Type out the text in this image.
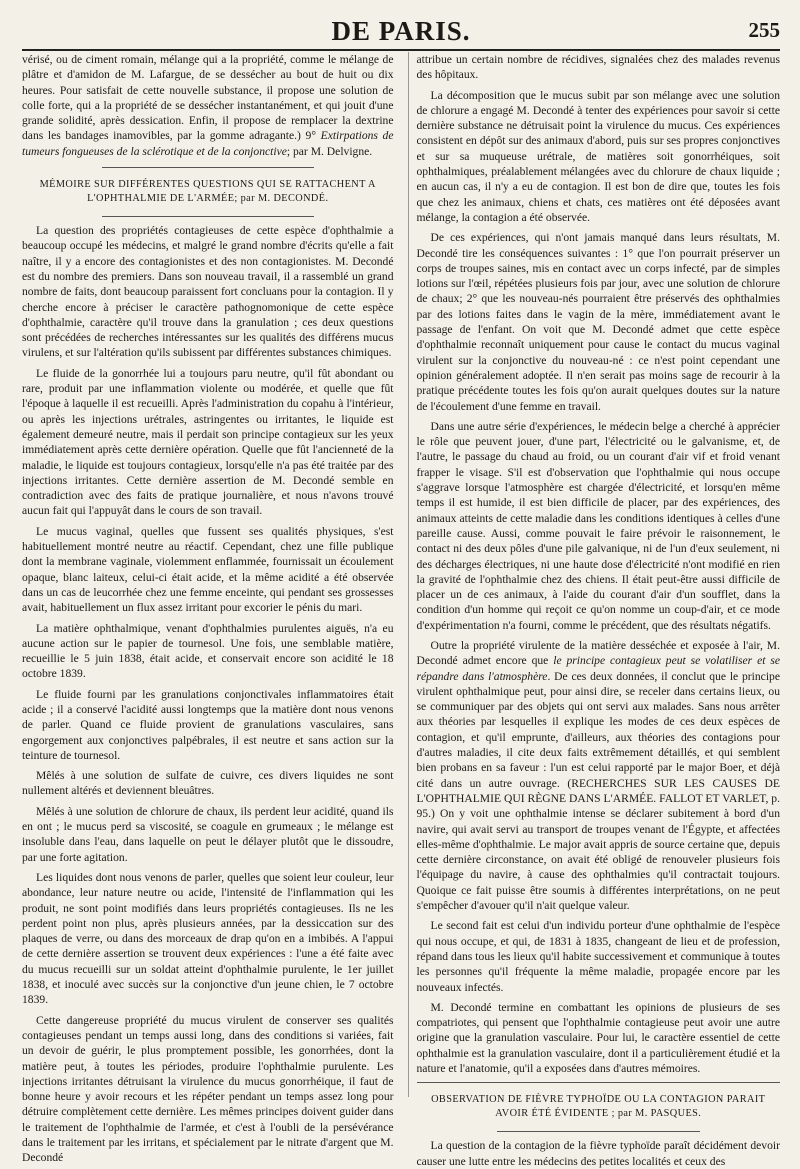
DE PARIS.	255

vérisé, ou de ciment romain, mélange qui a la propriété, comme le mélange de plâtre et d'amidon de M. Lafargue, de se dessécher au bout de huit ou dix heures. Pour satisfait de cette nouvelle substance, il propose une solution de colle forte, qui a la propriété de se dessécher instantanément, et qui jouit d'une grande solidité, après dessication. Enfin, il propose de remplacer la dextrine dans les bandages inamovibles, par la gomme adragante.) 9° Extirpations de tumeurs fongueuses de la sclérotique et de la conjonctive; par M. Delvigne.

MÉMOIRE SUR DIFFÉRENTES QUESTIONS QUI SE RATTACHENT A L'OPHTHALMIE DE L'ARMÉE; par M. DECONDÉ.

La question des propriétés contagieuses de cette espèce d'ophthalmie a beaucoup occupé les médecins, et malgré le grand nombre d'écrits qu'elle a fait naître, il y a encore des contagionistes et des non contagionistes. M. Decondé est du nombre des premiers. Dans son nouveau travail, il a rassemblé un grand nombre de faits, dont beaucoup paraissent fort concluans pour la contagion. Il y cherche encore à préciser le caractère pathognomonique de cette espèce d'ophthalmie, caractère qu'il trouve dans la granulation ; ces deux questions sont précédées de recherches intéressantes sur les qualités des différens mucus virulens, et sur l'altération qu'ils subissent par différentes substances chimiques.

Le fluide de la gonorrhée lui a toujours paru neutre, qu'il fût abondant ou rare, produit par une inflammation violente ou modérée, et quelle que fût l'époque à laquelle il est recueilli. Après l'administration du copahu à l'intérieur, ou après les injections urétrales, astringentes ou irritantes, le liquide est également demeuré neutre, mais il perdait son principe contagieux sur les yeux immédiatement après cette dernière opération. Quelle que fût l'ancienneté de la maladie, le liquide est toujours contagieux, lorsqu'elle n'a pas été traitée par des injections irritantes. Cette dernière assertion de M. Decondé semble en contradiction avec des faits de pratique journalière, et nous n'avons trouvé aucun fait qui l'appuyât dans le cours de son travail.

Le mucus vaginal, quelles que fussent ses qualités physiques, s'est habituellement montré neutre au réactif. Cependant, chez une fille publique dont la membrane vaginale, violemment enflammée, fournissait un écoulement opaque, blanc laiteux, celui-ci était acide, et la même acidité a été observée dans un cas de leucorrhée chez une femme enceinte, qui pendant ses grossesses avait, habituellement un flux assez irritant pour excorier le pénis du mari.

La matière ophthalmique, venant d'ophthalmies purulentes aiguës, n'a eu aucune action sur le papier de tournesol. Une fois, une semblable matière, recueillie le 5 juin 1838, était acide, et conservait encore son acidité le 18 octobre 1839.

Le fluide fourni par les granulations conjonctivales inflammatoires était acide ; il a conservé l'acidité aussi longtemps que la matière dont nous venons de parler. Quand ce fluide provient de granulations vasculaires, sans engorgement aux conjonctives palpébrales, il est neutre et sans action sur la teinture de tournesol.

Mêlés à une solution de sulfate de cuivre, ces divers liquides ne sont nullement altérés et deviennent bleuâtres.

Mêlés à une solution de chlorure de chaux, ils perdent leur acidité, quand ils en ont ; le mucus perd sa viscosité, se coagule en grumeaux ; le mélange est insoluble dans l'eau, dans laquelle on peut le délayer plutôt que le dissoudre, par une forte agitation.

Les liquides dont nous venons de parler, quelles que soient leur couleur, leur abondance, leur nature neutre ou acide, l'intensité de l'inflammation qui les produit, ne sont point modifiés dans leurs propriétés contagieuses. Ils ne les perdent point non plus, après plusieurs années, par la dessiccation sur des plaques de verre, ou dans des morceaux de drap qu'on en a imbibés. A l'appui de cette dernière assertion se trouvent deux expériences : l'une a été faite avec du mucus recueilli sur un soldat atteint d'ophthalmie purulente, le 1er juillet 1838, et inoculé avec succès sur la conjonctive d'un jeune chien, le 7 octobre 1839.

Cette dangereuse propriété du mucus virulent de conserver ses qualités contagieuses pendant un temps aussi long, dans des conditions si variées, fait un devoir de guérir, le plus promptement possible, les gonorrhées, dont la matière peut, à toutes les périodes, produire l'ophthalmie purulente. Les injections irritantes détruisant la virulence du mucus gonorrhéique, il faut de bonne heure y avoir recours et les répéter pendant un temps assez long pour détruire complètement cette dernière. Les mêmes principes doivent guider dans le traitement de l'ophthalmie de l'armée, et c'est à l'oubli de la persévérance dans le traitement par les irritans, et spécialement par le nitrate d'argent que M. Decondé

attribue un certain nombre de récidives, signalées chez des malades revenus des hôpitaux.

La décomposition que le mucus subit par son mélange avec une solution de chlorure a engagé M. Decondé à tenter des expériences pour savoir si cette dernière substance ne détruisait point la virulence du mucus. Ces expériences consistent en dépôt sur des animaux d'abord, puis sur ses propres conjonctives et sur sa muqueuse urétrale, de matières soit gonorrhéiques, soit ophthalmiques, préalablement mélangées avec du chlorure de chaux liquide ; en aucun cas, il n'y a eu de contagion. Il est bon de dire que, toutes les fois que chez les animaux, chiens et chats, ces matières ont été déposées avant mélange, la contagion a été observée.

De ces expériences, qui n'ont jamais manqué dans leurs résultats, M. Decondé tire les conséquences suivantes : 1° que l'on pourrait préserver un corps de troupes saines, mis en contact avec un corps infecté, par de simples lotions sur l'œil, répétées plusieurs fois par jour, avec une solution de chlorure de chaux; 2° que les nouveau-nés pourraient être préservés des ophthalmies par des lotions faites dans le vagin de la mère, immédiatement avant le passage de l'enfant. On voit que M. Decondé admet que cette espèce d'ophthalmie reconnaît uniquement pour cause le contact du mucus vaginal virulent sur la conjonctive du nouveau-né : ce n'est point cependant une opinion généralement adoptée. Il n'en serait pas moins sage de recourir à la pratique précédente toutes les fois qu'on aurait quelques doutes sur la nature de l'écoulement d'une femme en travail.

Dans une autre série d'expériences, le médecin belge a cherché à apprécier le rôle que peuvent jouer, d'une part, l'électricité ou le galvanisme, et, de l'autre, le passage du chaud au froid, ou un courant d'air vif et froid venant frapper le visage. S'il est d'observation que l'ophthalmie qui nous occupe s'aggrave lorsque l'atmosphère est chargée d'électricité, et lorsqu'en même temps il est humide, il est bien difficile de placer, par des expériences, des animaux atteints de cette maladie dans les conditions identiques à celles d'une pareille cause. Aussi, comme pouvait le faire prévoir le raisonnement, le contact ni des deux pôles d'une pile galvanique, ni de l'un d'eux seulement, ni des décharges électriques, ni une haute dose d'électricité n'ont modifié en rien la gravité de l'ophthalmie chez des chiens. Il était peut-être aussi difficile de placer un de ces animaux, à l'aide du courant d'air d'un soufflet, dans la condition d'un homme qui reçoit ce qu'on nomme un coup-d'air, et ce mode d'expérimentation n'a fourni, comme le précédent, que des résultats négatifs.

Outre la propriété virulente de la matière desséchée et exposée à l'air, M. Decondé admet encore que le principe contagieux peut se volatiliser et se répandre dans l'atmosphère. De ces deux données, il conclut que le principe virulent ophthalmique peut, pour ainsi dire, se receler dans certains lieux, ou se communiquer par des objets qui ont servi aux malades. Sans nous arrêter aux théories par lesquelles il explique les modes de ces deux espèces de contagion, et qu'il emprunte, d'ailleurs, aux théories des contagions pour d'autres maladies, il cite deux faits extrêmement détaillés, et qui semblent bien probans en sa faveur : l'un est celui rapporté par le major Boer, et déjà cité dans un autre ouvrage. (RECHERCHES SUR LES CAUSES DE L'OPHTHALMIE QUI RÈGNE DANS L'ARMÉE. FALLOT ET VARLET, p. 95.) On y voit une ophthalmie intense se déclarer subitement à bord d'un navire, qui avait servi au transport de troupes venant de l'Égypte, et affectées elles-même d'ophthalmie. Le major avait appris de source certaine que, depuis cette dernière circonstance, on avait été obligé de renouveler plusieurs fois l'équipage du navire, à cause des ophthalmies qu'il contractait toujours. Quoique ce fait puisse être soumis à différentes interprétations, on ne peut s'empêcher d'avouer qu'il n'ait quelque valeur.

Le second fait est celui d'un individu porteur d'une ophthalmie de l'espèce qui nous occupe, et qui, de 1831 à 1835, changeant de lieu et de profession, répand dans tous les lieux qu'il habite successivement et communique à toutes les personnes qu'il fréquente la même maladie, propagée encore par les nouveaux infectés.

M. Decondé termine en combattant les opinions de plusieurs de ses compatriotes, qui pensent que l'ophthalmie contagieuse peut avoir une autre origine que la granulation vasculaire. Pour lui, le caractère essentiel de cette ophthalmie est la granulation vasculaire, dont il a particulièrement étudié et la nature et l'anatomie, qu'il a exposées dans d'autres mémoires.

OBSERVATION DE FIÈVRE TYPHOÏDE OU LA CONTAGION PARAIT AVOIR ÉTÉ ÉVIDENTE ; par M. PASQUES.

La question de la contagion de la fièvre typhoïde paraît décidément devoir causer une lutte entre les médecins des petites localités et ceux des
